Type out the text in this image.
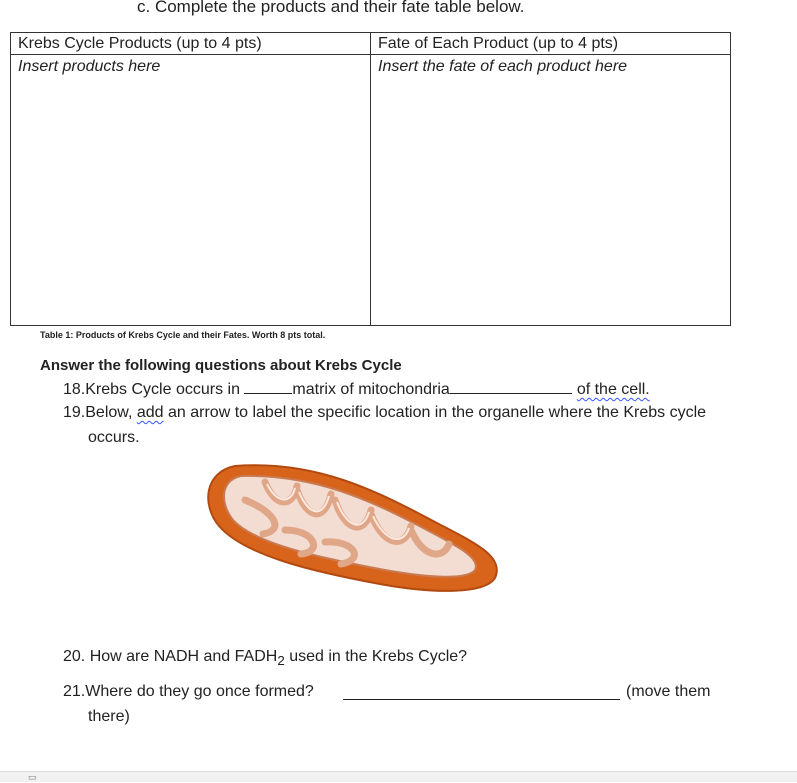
c. Complete the products and their fate table below.
Krebs Cycle Products (up to 4 pts)	Fate of Each Product (up to 4 pts)
Insert products here	Insert the fate of each product here
Table 1: Products of Krebs Cycle and their Fates. Worth 8 pts total.
Answer the following questions about Krebs Cycle
18.Krebs Cycle occurs in	matrix of mitochondria	of the cell.
19.Below, add an arrow to label the specific location in the organelle where the Krebs cycle
occurs.
20. How are NADH and $FADH_2$ used in the Krebs Cycle?
21.Where do they go once formed?	(move them
there)
▭
